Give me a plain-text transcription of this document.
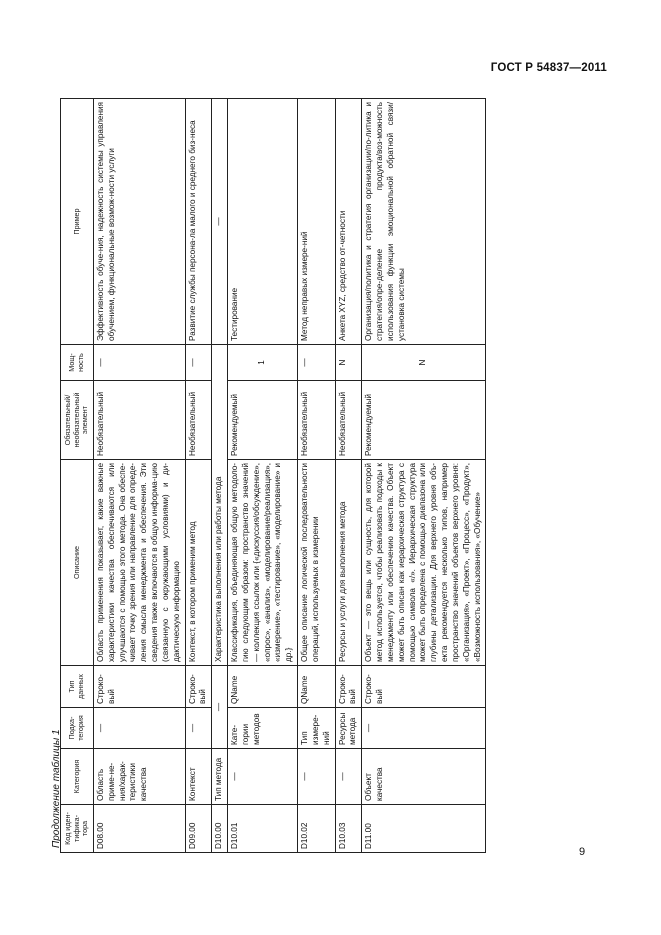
ГОСТ Р 54837—2011
Продолжение таблицы 1 Код иден-тифика-тора	Категория	Подка-тегория	Тип данных	Описание	Обязательный/ необязательный элемент	Мощ-ность	Пример
D08.00	Область приме-не-ния/харак-теристики качества	—	Строко-вый	Область применения показывает, какие важные характеристики качества обеспечиваются или улучшаются с помощью этого метода. Она обеспе-чивает точку зрения или направление для опреде-ления смысла менеджмента и обеспечения. Эти сведения также включаются в общую информа-цию (связанную с окружающими условиями) и ди-дактическую информацию	Необязательный	—	Эффективность обуче-ния, надежность системы управления обучением, функциональные возмож-ности услуги
D09.00	Контекст	—	Строко-вый	Контекст, в котором применим метод	Необязательный	—	Развитие службы персона-ла малого и среднего биз-неса
D10.00	Тип метода	—		Характеристика выполнения или работы метода			—
D10.01	—	Кате-гории методов	QName	Классификация, объединяющая общую методоло-гию следующим образом: пространство значений — коллекция ссылок или {«дискуссия/обсуждение», «опрос», «анализ», «моделирование/реализация», «измерение», «тестирование», «моделирование» и др.}	Рекомендуемый	1	Тестирование
D10.02	—	Тип измере-ний	QName	Общее описание логической последовательности операций, используемых в измерении	Необязательный	—	Метод неправых измере-ний
D10.03	—	Ресурсы метода	Строко-вый	Ресурсы и услуги для выполнения метода	Необязательный	N	Анкета XYZ, средство от-четности
D11.00	Объект качества	—	Строко-вый	Объект — это вещь или сущность, для которой метод используется, чтобы реализовать подходы к менеджменту или обеспечению качества. Объект может быть описан как иерархическая структура с помощью символа «/». Иерархическая структура может быть определена с помощью диапазона или глубины детализации. Для верхнего уровня объ-екта рекомендуется несколько типов, например пространство значений объектов верхнего уровня: «Организация», «Проект», «Процесс», «Продукт», «Возможность использования», «Обучение»	Рекомендуемый	N	Организация/политика и стратегия организации/по-литика и стратегия/опре-деление продукта/воз-можность использования функции эмоциональной обратной связи/установка системы
9
